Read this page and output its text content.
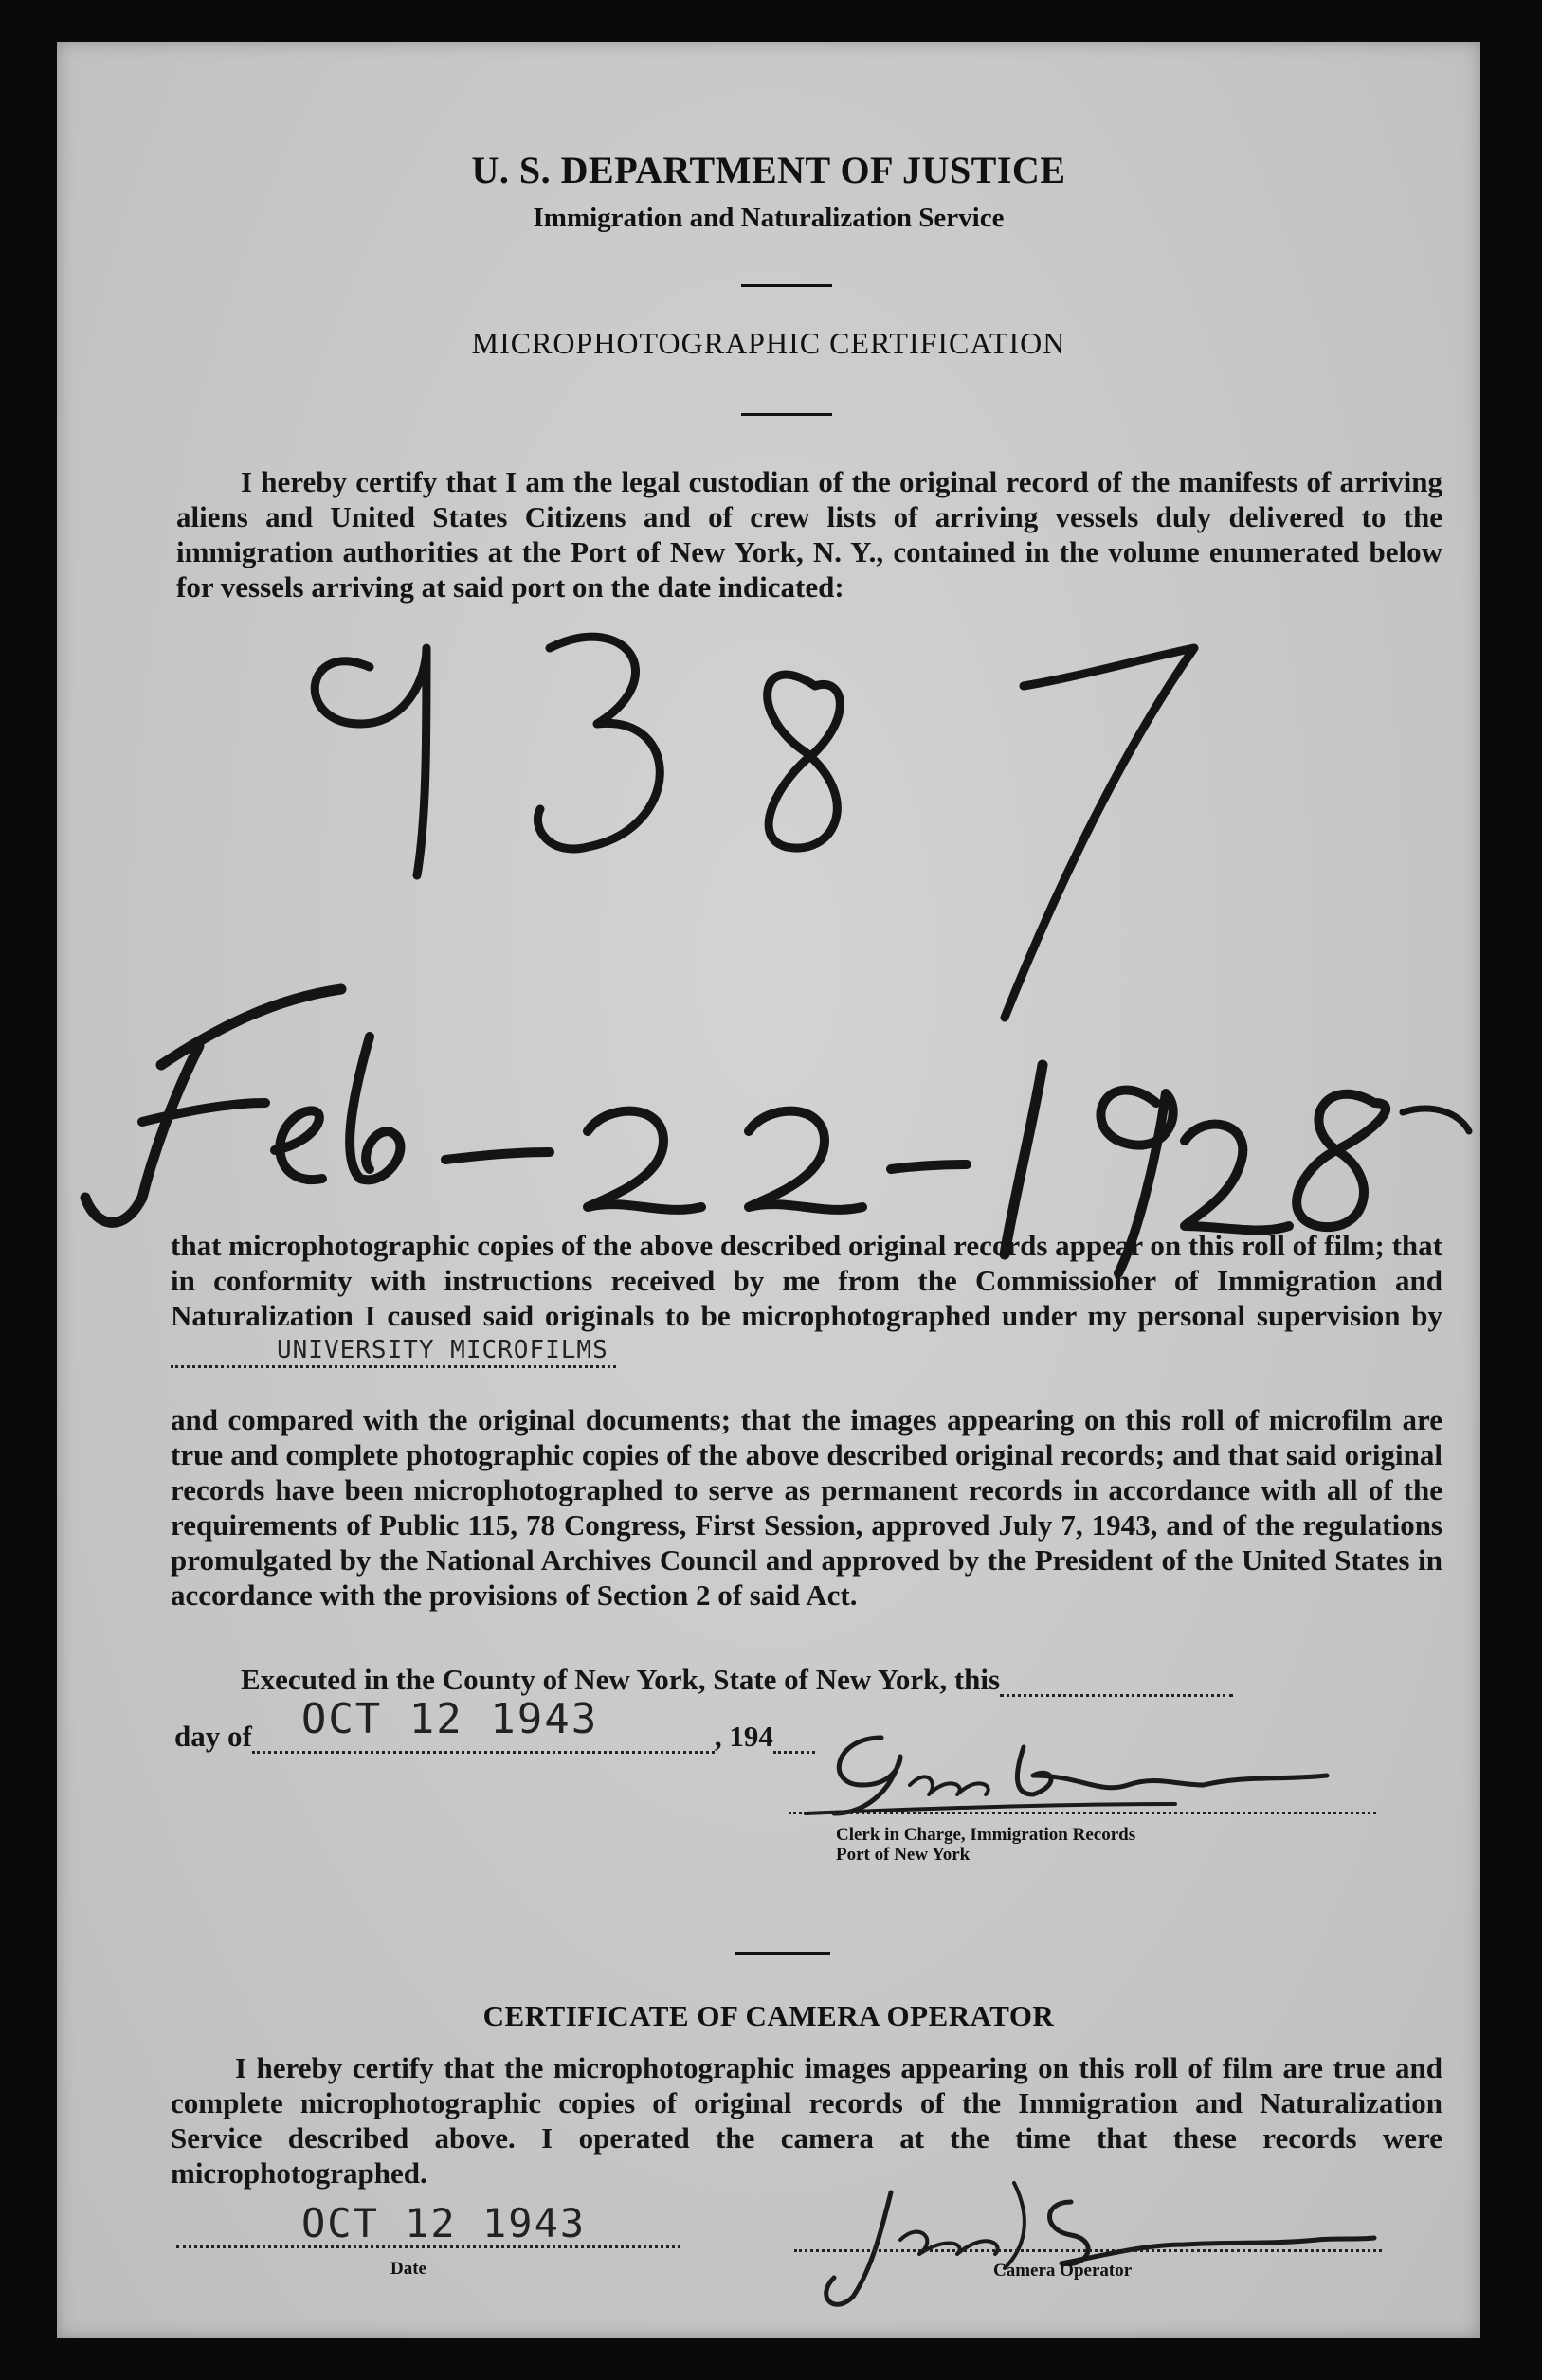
U. S. DEPARTMENT OF JUSTICE
Immigration and Naturalization Service
MICROPHOTOGRAPHIC CERTIFICATION
I hereby certify that I am the legal custodian of the original record of the manifests of arriving aliens and United States Citizens and of crew lists of arriving vessels duly delivered to the immigration authorities at the Port of New York, N. Y., contained in the volume enumerated below for vessels arriving at said port on the date indicated:
that microphotographic copies of the above described original records appear on this roll of film; that in conformity with instructions received by me from the Commissioner of Immigration and Naturalization I caused said originals to be microphotographed under my personal supervision by
UNIVERSITY MICROFILMS
and compared with the original documents; that the images appearing on this roll of microfilm are true and complete photographic copies of the above described original records; and that said original records have been microphotographed to serve as permanent records in accordance with all of the requirements of Public 115, 78 Congress, First Session, approved July 7, 1943, and of the regulations promulgated by the National Archives Council and approved by the President of the United States in accordance with the provisions of Section 2 of said Act.
Executed in the County of New York, State of New York, this
day of OCT 12 1943	, 194
Clerk in Charge, Immigration Records
Port of New York
CERTIFICATE OF CAMERA OPERATOR
I hereby certify that the microphotographic images appearing on this roll of film are true and complete microphotographic copies of original records of the Immigration and Naturalization Service described above. I operated the camera at the time that these records were microphotographed.
OCT 12 1943
Date	Camera Operator
